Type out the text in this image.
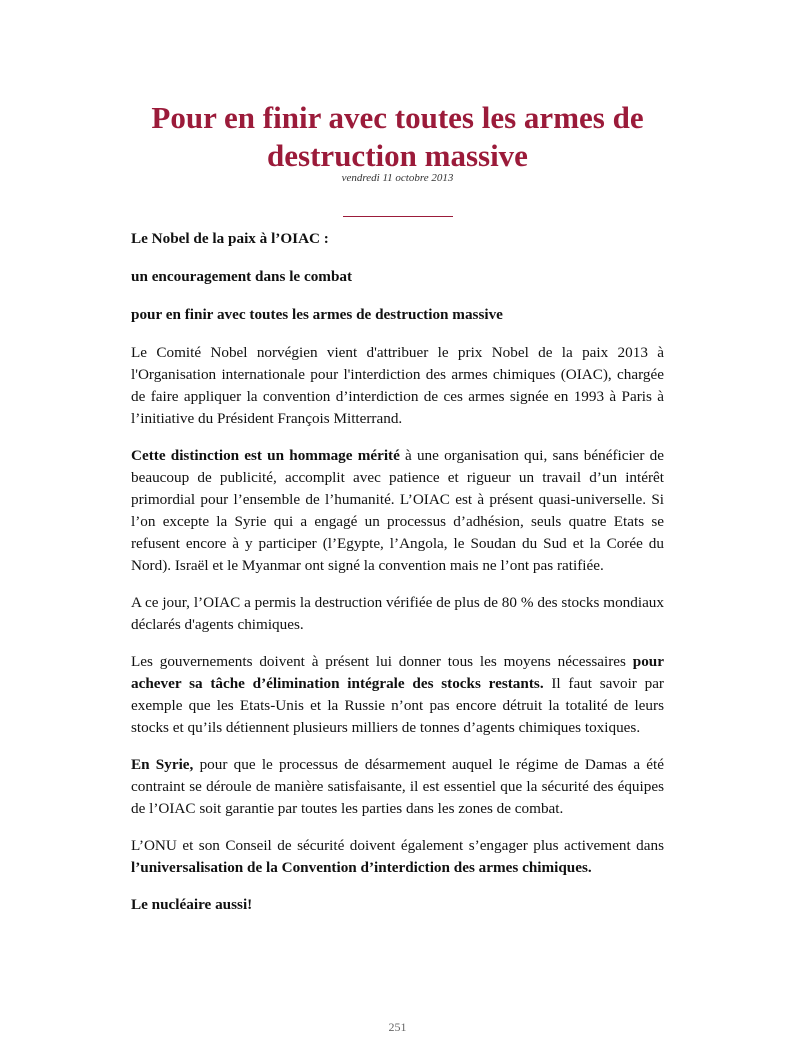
Pour en finir avec toutes les armes de destruction massive
vendredi 11 octobre 2013

Le Nobel de la paix à l’OIAC :

un encouragement dans le combat

pour en finir avec toutes les armes de destruction massive

Le Comité Nobel norvégien vient d'attribuer le prix Nobel de la paix 2013 à l'Organisation internationale pour l'interdiction des armes chimiques (OIAC), chargée de faire appliquer la convention d’interdiction de ces armes signée en 1993 à Paris à l’initiative du Président François Mitterrand.

Cette distinction est un hommage mérité à une organisation qui, sans bénéficier de beaucoup de publicité, accomplit avec patience et rigueur un travail d’un intérêt primordial pour l’ensemble de l’humanité. L’OIAC est à présent quasi-universelle. Si l’on excepte la Syrie qui a engagé un processus d’adhésion, seuls quatre Etats se refusent encore à y participer (l’Egypte, l’Angola, le Soudan du Sud et la Corée du Nord). Israël et le Myanmar ont signé la convention mais ne l’ont pas ratifiée.

A ce jour, l’OIAC a permis la destruction vérifiée de plus de 80 % des stocks mondiaux déclarés d'agents chimiques.

Les gouvernements doivent à présent lui donner tous les moyens nécessaires pour achever sa tâche d’élimination intégrale des stocks restants. Il faut savoir par exemple que les Etats-Unis et la Russie n’ont pas encore détruit la totalité de leurs stocks et qu’ils détiennent plusieurs milliers de tonnes d’agents chimiques toxiques.

En Syrie, pour que le processus de désarmement auquel le régime de Damas a été contraint se déroule de manière satisfaisante, il est essentiel que la sécurité des équipes de l’OIAC soit garantie par toutes les parties dans les zones de combat.

L’ONU et son Conseil de sécurité doivent également s’engager plus activement dans l’universalisation de la Convention d’interdiction des armes chimiques.

Le nucléaire aussi!

251
